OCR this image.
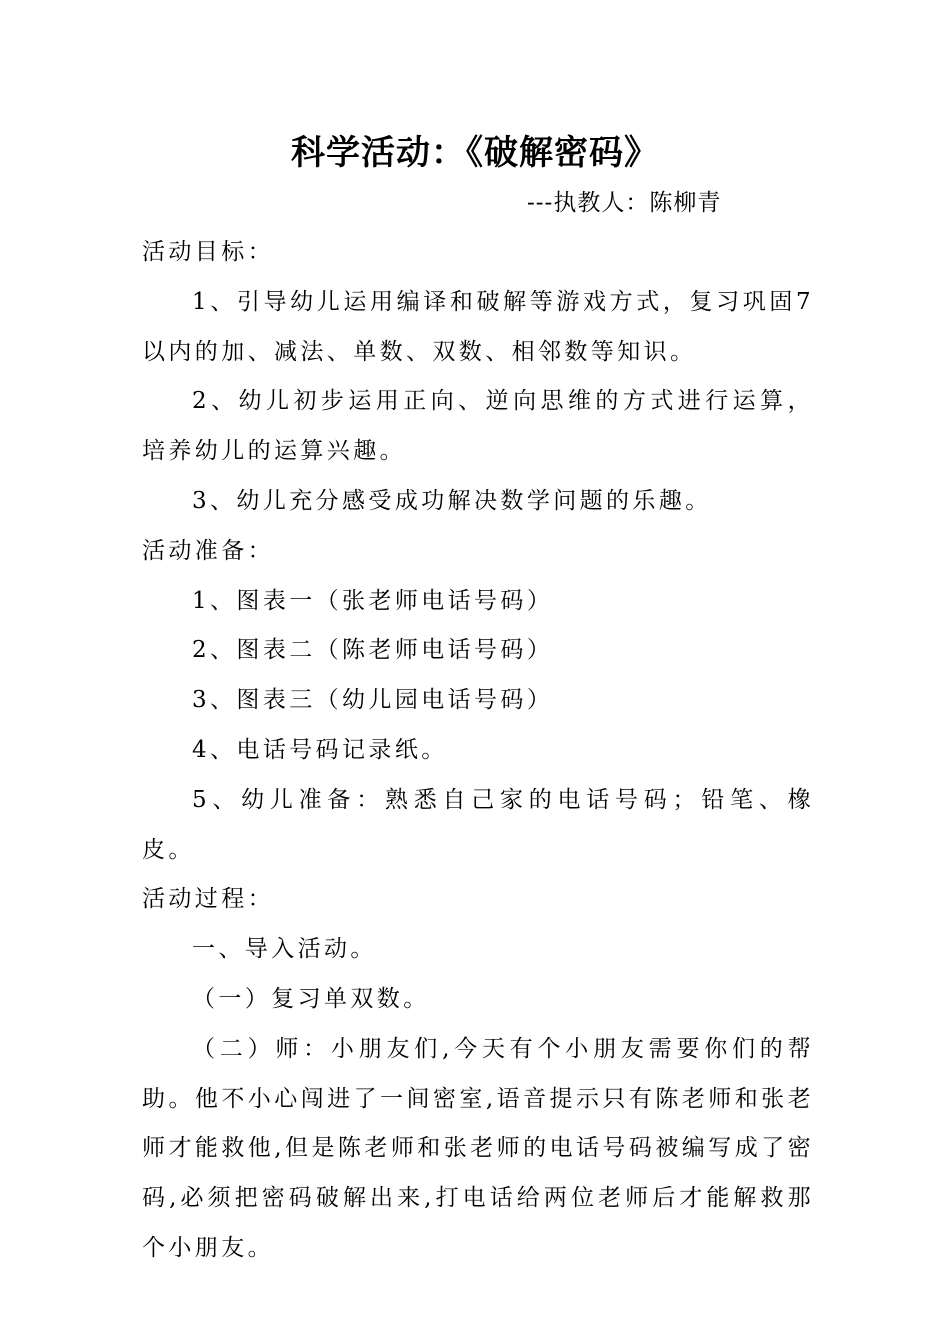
科学活动：《破解密码》
---执教人：陈柳青

活动目标：

1、引导幼儿运用编译和破解等游戏方式，复习巩固7以内的加、减法、单数、双数、相邻数等知识。

2、幼儿初步运用正向、逆向思维的方式进行运算，培养幼儿的运算兴趣。

3、幼儿充分感受成功解决数学问题的乐趣。

活动准备：

1、图表一（张老师电话号码）

2、图表二（陈老师电话号码）

3、图表三（幼儿园电话号码）

4、电话号码记录纸。

5、幼儿准备：熟悉自己家的电话号码；铅笔、橡皮。

活动过程：

一、导入活动。

（一）复习单双数。

（二）师：小朋友们,今天有个小朋友需要你们的帮助。他不小心闯进了一间密室,语音提示只有陈老师和张老师才能救他,但是陈老师和张老师的电话号码被编写成了密码,必须把密码破解出来,打电话给两位老师后才能解救那个小朋友。
